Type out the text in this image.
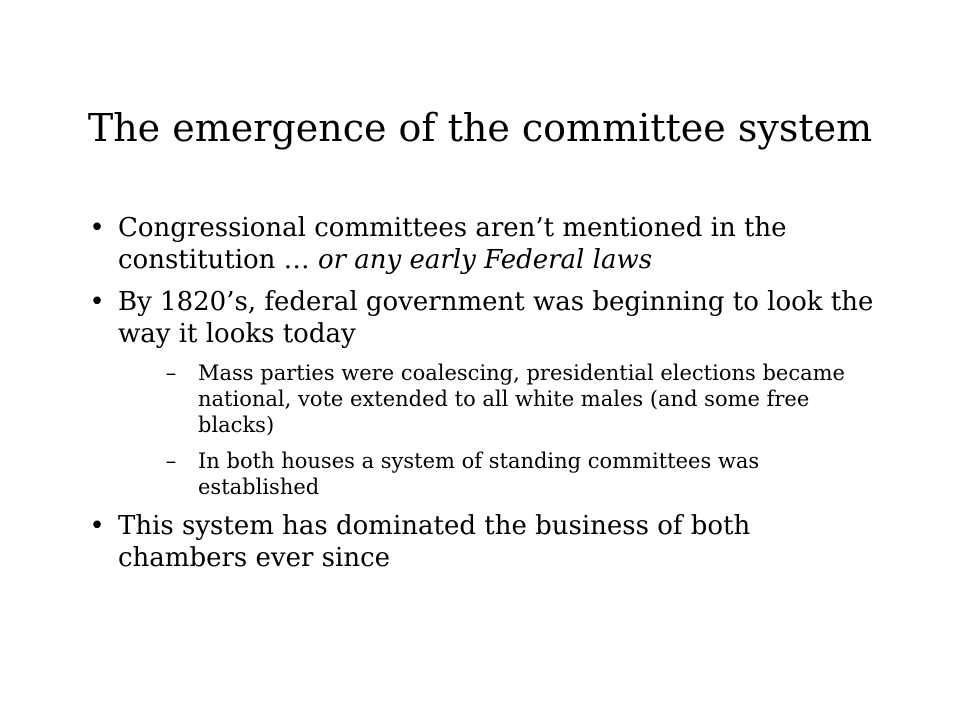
The emergence of the committee system
• Congressional committees aren’t mentioned in the constitution … or any early Federal laws
• By 1820’s, federal government was beginning to look the way it looks today
–	Mass parties were coalescing, presidential elections became national, vote extended to all white males (and some free blacks)
–	In both houses a system of standing committees was established
• This system has dominated the business of both chambers ever since
